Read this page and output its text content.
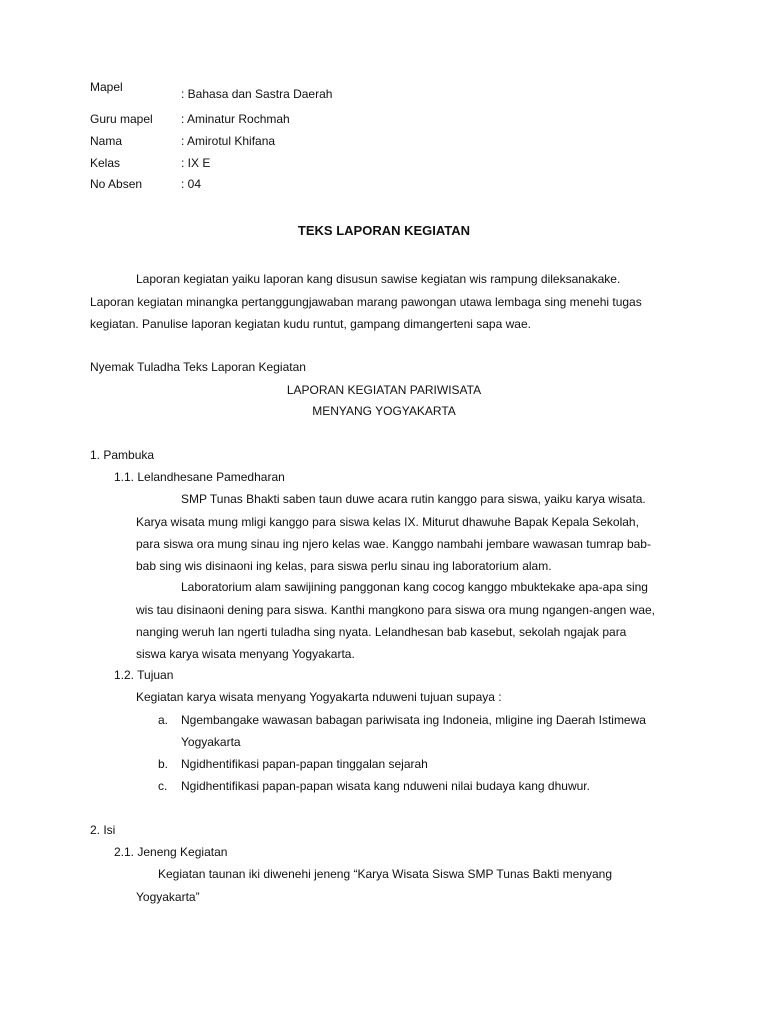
Mapel	: Bahasa dan Sastra Daerah
Guru mapel : Aminatur Rochmah
Nama	: Amirotul Khifana
Kelas	: IX E
No Absen	: 04
TEKS LAPORAN KEGIATAN
Laporan kegiatan yaiku laporan kang disusun sawise kegiatan wis rampung dileksanakake.
Laporan kegiatan minangka pertanggungjawaban marang pawongan utawa lembaga sing menehi tugas
kegiatan. Panulise laporan kegiatan kudu runtut, gampang dimangerteni sapa wae.
Nyemak Tuladha Teks Laporan Kegiatan
LAPORAN KEGIATAN PARIWISATA
MENYANG YOGYAKARTA
1. Pambuka
1.1. Lelandhesane Pamedharan
SMP Tunas Bhakti saben taun duwe acara rutin kanggo para siswa, yaiku karya wisata.
Karya wisata mung mligi kanggo para siswa kelas IX. Miturut dhawuhe Bapak Kepala Sekolah,
para siswa ora mung sinau ing njero kelas wae. Kanggo nambahi jembare wawasan tumrap bab-
bab sing wis disinaoni ing kelas, para siswa perlu sinau ing laboratorium alam.
Laboratorium alam sawijining panggonan kang cocog kanggo mbuktekake apa-apa sing
wis tau disinaoni dening para siswa. Kanthi mangkono para siswa ora mung ngangen-angen wae,
nanging weruh lan ngerti tuladha sing nyata. Lelandhesan bab kasebut, sekolah ngajak para
siswa karya wisata menyang Yogyakarta.
1.2. Tujuan
Kegiatan karya wisata menyang Yogyakarta nduweni tujuan supaya :
a. Ngembangake wawasan babagan pariwisata ing Indoneia, mligine ing Daerah Istimewa
Yogyakarta
b. Ngidhentifikasi papan-papan tinggalan sejarah
c. Ngidhentifikasi papan-papan wisata kang nduweni nilai budaya kang dhuwur.
2. Isi
2.1. Jeneng Kegiatan
Kegiatan taunan iki diwenehi jeneng “Karya Wisata Siswa SMP Tunas Bakti menyang
Yogyakarta”
